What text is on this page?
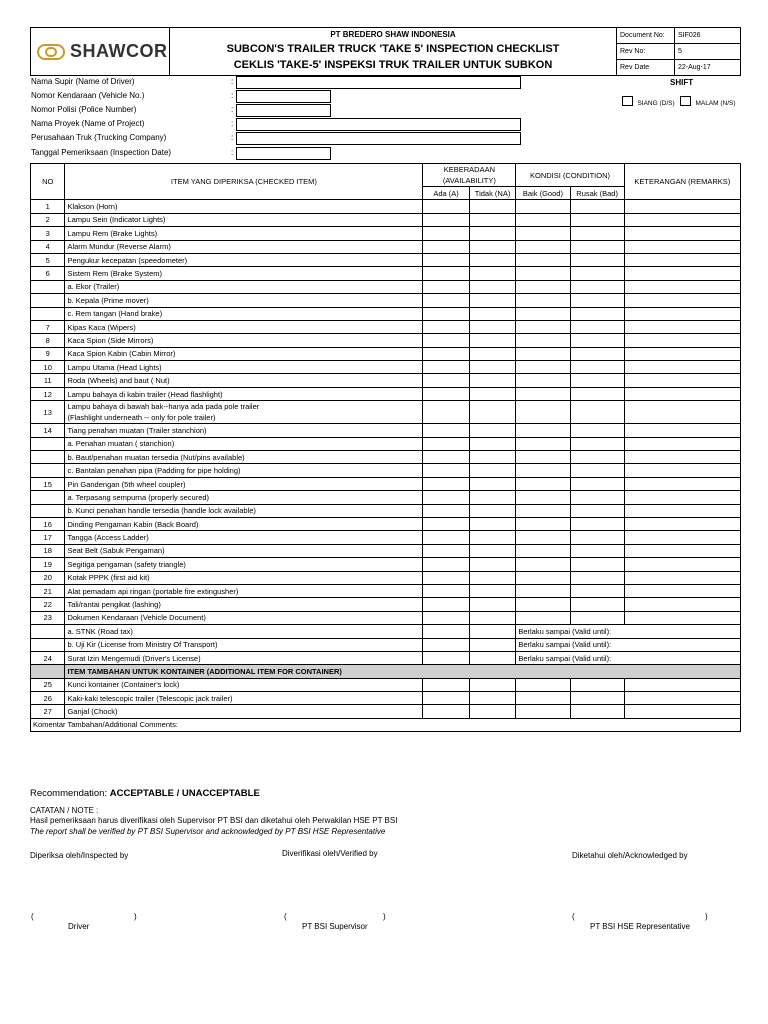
SHAWCOR	PT BREDERO SHAW INDONESIA
SUBCON'S TRAILER TRUCK 'TAKE 5' INSPECTION CHECKLIST
CEKLIS 'TAKE-5' INSPEKSI TRUK TRAILER UNTUK SUBKON	Document No:	SIF026
		Rev No:	5
		Rev Date	22-Aug-17
Nama Supir (Name of Driver)	:
Nomor Kendaraan (Vehicle No.)	:
Nomor Polisi (Police Number)	:
Nama Proyek (Name of Project)	:
Perusahaan Truk (Trucking Company)	:
Tanggal Pemeriksaan (Inspection Date)	:
SHIFT
SIANG (D/S)	MALAM (N/S)
NO	ITEM YANG DIPERIKSA (CHECKED ITEM)	KEBERADAAN (AVAILABILITY)		KONDISI (CONDITION)		KETERANGAN (REMARKS)
		Ada (A)	Tidak (NA)	Baik (Good)	Rusak (Bad)	
1	Klakson (Horn)					
2	Lampu Sein (Indicator Lights)					
3	Lampu Rem (Brake Lights)					
4	Alarm Mundur (Reverse Alarm)					
5	Pengukur kecepatan (speedometer)					
6	Sistem Rem (Brake System)					
	a. Ekor (Trailer)					
	b. Kepala (Prime mover)					
	c. Rem tangan (Hand brake)					
7	Kipas Kaca (Wipers)					
8	Kaca Spion (Side Mirrors)					
9	Kaca Spion Kabin (Cabin Mirror)					
10	Lampu Utama (Head Lights)					
11	Roda (Wheels) and baut ( Nut)					
12	Lampu bahaya di kabin trailer (Head flashlight)					
13	Lampu bahaya di bawah bak--hanya ada pada pole trailer
(Flashlight underneath -- only for pole trailer)					

14	Tiang penahan muatan (Trailer stanchion)					
	a. Penahan muatan ( stanchion)					
	b. Baut/penahan muatan tersedia (Nut/pins available)					
	c. Bantalan penahan pipa (Padding for pipe holding)					
15	Pin Gandengan (5th wheel coupler)					
	a. Terpasang sempurna (properly secured)					
	b. Kunci penahan handle tersedia (handle lock available)					
16	Dinding Pengaman Kabin (Back Board)					
17	Tangga (Access Ladder)					
18	Seat Belt (Sabuk Pengaman)					
19	Segitiga pengaman (safety triangle)					
20	Kotak PPPK (first aid kit)					
21	Alat pemadam api ringan (portable fire extingusher)					
22	Tali/rantai pengikat (lashing)					
23	Dokumen Kendaraan (Vehicle Document)					
	a. STNK (Road tax)			Berlaku sampai (Valid until):		
	b. Uji Kir (License from Ministry Of Transport)			Berlaku sampai (Valid until):		
24	Surat Izin Mengemudi (Driver's License)			Berlaku sampai (Valid until):		
	ITEM TAMBAHAN UNTUK KONTAINER (ADDITIONAL ITEM FOR CONTAINER)					
25	Kunci kontainer (Container's lock)					
26	Kaki-kaki telescopic trailer (Telescopic jack trailer)					
27	Ganjal (Chock)					
Komentar Tambahan/Additional Comments:						
Recommendation: ACCEPTABLE / UNACCEPTABLE
CATATAN / NOTE :
Hasil pemeriksaan harus diverifikasi oleh Supervisor PT BSI dan diketahui oleh Perwakilan HSE PT BSI
The report shall be verified by PT BSI Supervisor and acknowledged by PT BSI HSE Representative
Diperiksa oleh/Inspected by	Diverifikasi oleh/Verified by	Diketahui oleh/Acknowledged by
(	)
Driver
(	)
PT BSI Supervisor
(	)
PT BSI HSE Representative
